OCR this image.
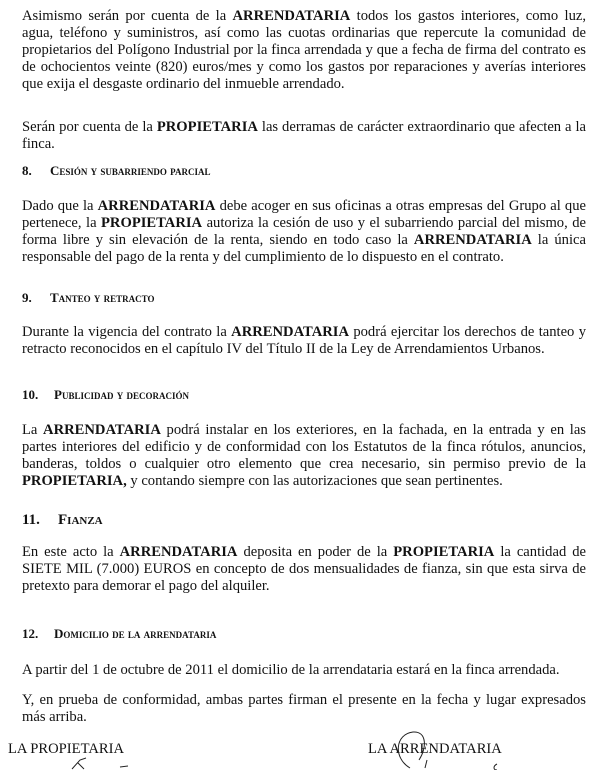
Asimismo serán por cuenta de la ARRENDATARIA todos los gastos interiores, como luz, agua, teléfono y suministros, así como las cuotas ordinarias que repercute la comunidad de propietarios del Polígono Industrial por la finca arrendada y que a fecha de firma del contrato es de ochocientos veinte (820) euros/mes y como los gastos por reparaciones y averías interiores que exija el desgaste ordinario del inmueble arrendado.
Serán por cuenta de la PROPIETARIA las derramas de carácter extraordinario que afecten a la finca.
8. Cesión y subarriendo parcial
Dado que la ARRENDATARIA debe acoger en sus oficinas a otras empresas del Grupo al que pertenece, la PROPIETARIA autoriza la cesión de uso y el subarriendo parcial del mismo, de forma libre y sin elevación de la renta, siendo en todo caso la ARRENDATARIA la única responsable del pago de la renta y del cumplimiento de lo dispuesto en el contrato.
9. Tanteo y retracto
Durante la vigencia del contrato la ARRENDATARIA podrá ejercitar los derechos de tanteo y retracto reconocidos en el capítulo IV del Título II de la Ley de Arrendamientos Urbanos.
10. Publicidad y decoración
La ARRENDATARIA podrá instalar en los exteriores, en la fachada, en la entrada y en las partes interiores del edificio y de conformidad con los Estatutos de la finca rótulos, anuncios, banderas, toldos o cualquier otro elemento que crea necesario, sin permiso previo de la PROPIETARIA, y contando siempre con las autorizaciones que sean pertinentes.
11. Fianza
En este acto la ARRENDATARIA deposita en poder de la PROPIETARIA la cantidad de SIETE MIL (7.000) EUROS en concepto de dos mensualidades de fianza, sin que esta sirva de pretexto para demorar el pago del alquiler.
12. Domicilio de la arrendataria
A partir del 1 de octubre de 2011 el domicilio de la arrendataria estará en la finca arrendada.
Y, en prueba de conformidad, ambas partes firman el presente en la fecha y lugar expresados más arriba.
LA PROPIETARIA	LA ARRENDATARIA
